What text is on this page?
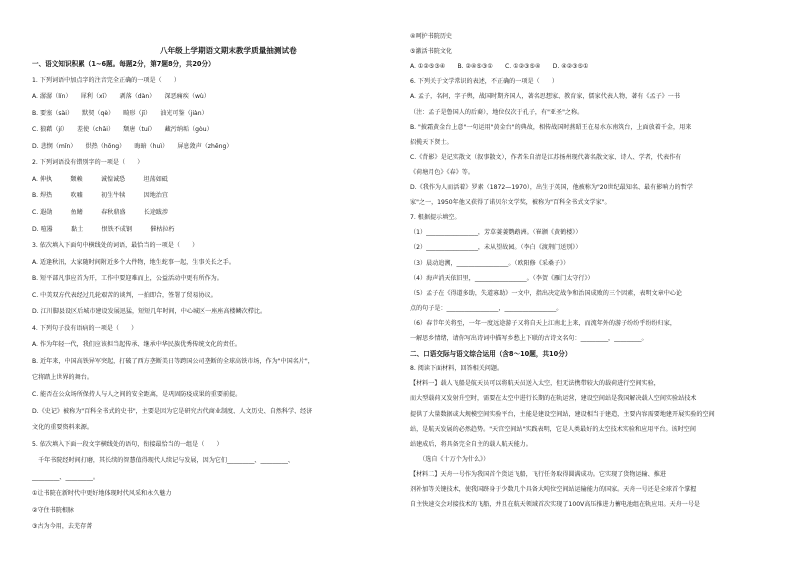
八年级上学期语文期末教学质量抽测试卷
一、语文知识积累（1~6题。每题2分，第7题8分，共20分）
1. 下列词语中加点字的注音完全正确的一项是（　　）
A. 潺潺（lín）　　犀利（xī）　　剥落（dàn）　　深恶痛疾（wù）
B. 要塞（sài）　　默契（qè）　　畸形（jī）　　油光可鉴（jiàn）
C. 狼藉（jí）　　差使（chāi）　　颓唐（tuí）　　藏污纳垢（gòu）
D. 悲悯（mǐn）　　烘热（hōng）　　晦暗（huì）　　屏息敛声（zhēng）
2. 下列词语没有错别字的一项是（　　）
A. 伸执　　　颓赖　　　诚惶诚恐　　　坦荡如砥
B. 焊热　　　吹嘘　　　初生牛犊　　　因地治宜
C. 遐勋　　　鱼鳍　　　春秋鼎盛　　　长途跋涉
D. 喧嚣　　　黏土　　　恨铁不成钢　　　催枯拉朽
3. 依次填入下面句中横线处的词语，最恰当的一项是（　　）
A. 适逢秋汛，大家随时间附近多个大件物，地生蛇事一起，生事关长之手。
B. 短平部凡事应首为开，工作中要迎难而上，公益活动中更有所作为。
C. 中美双方代表经过几轮艰苦的谈判，一拍即合，签署了贸易协议。
D. 江川脚县设区后城市建设发展迅猛，短短几年时间，中心城区一座座高楼鳞次栉比。
4. 下列句子没有语病的一项是（　　）
A. 作为年轻一代，我们应该担当起传承、继承中华民族优秀传统文化的责任。
B. 近年来，中国高铁异军突起，打破了西方垄断美日等跨国公司垄断的全球高铁市场，作为"中国名片"，
它将踏上世界的舞台。
C. 能否在公众场所保持人与人之间的安全距离，是巩固防疫成果的重要前提。
D.《史记》被称为"百科全书式的史书"，主要是因为它是研究古代商业制度、人文历史、自然科学、经济
文化的重要资料来源。
5. 依次填入下面一段文字横线处的语句，衔接最恰当的一组是（　　）
　千年书院经时间打磨，其长续的智慧值得现代人续记与发展，因为它们_________、_________、
_________、_________。
①让书院在新时代中更好地体现时代风采和永久魅力
②守住书院根脉
③古为今用，去芜存菁
④呵护书院历史
⑤激活书院文化
A. ①②⑤③④　　B. ②④⑤③①　　C. ①②③⑤④　　D. ④②③⑤①
6. 下列关于文学常识的表述，不正确的一项是（　　）
A. 孟子，名轲，字子舆，战国时期齐国人，著名思想家、教育家，儒家代表人物，著有《孟子》一书
（注：孟子是鲁国人的后裔），地位仅次于孔子，有"亚圣"之称。
B. "披霜黄金台上意"一句运用"黄金台"的典故，相传战国时燕昭王在易水东南筑台，上面放着千金，用来
招揽天下贤士。
C.《背影》是记实散文（叙事散文），作者朱自清是江苏扬州现代著名散文家、诗人、学者，代表作有
《荷塘月色》《春》等。
D.《我作为人而活着》罗素（1872—1970），出生于英国，他被称为"20世纪最知名、最有影响力的哲学
家"之一，1950年他又获得了诺贝尔文学奖，被称为"百科全书式文学家"。
7. 根据提示填空。
（1）_________________，芳草萋萋鹦鹉洲。（崔颢《黄鹤楼》）
（2）_________________，未从望故园。（李白《渡荆门送别》）
（3）晨动追溯，_________________。（欧阳修《采桑子》）
（4）海声消天依旧里，_________________。（李贺《雁门太守行》）
（5）孟子在《得道多助，失道寡助》一文中，指出决定战争和治国成败的三个因素，表明文章中心论
点的句子是：_________________，_________________。
（6）春节年关将至，一年一度远途游子又将自天上江南北上来，而流年外的游子纷纷乎纷纷归家，
一解思乡情绪，请你写出诗词中描写乡愁上下联的古诗文名句：_________，_________。
二、口语交际与语文综合运用（含8～10题，共10分）
8. 阅读下面材料，回答相关问题。
【材料一】载人飞船是航天员可以将航天员送入太空，但无法携带较大的载荷进行空间实验，
而大型载荷又发射升空时，需要在太空中进行长期的在轨运营，建设空间站是我国解决载人空间实验站技术
提供了大量数据或大规模空间实验平台，主能是建设空间站，建设相当于建造，主要内容需要地建开展实验的空间
站，是航天发展的必然趋势。"天宫空间站"实践表明，它是人类最好的太空技术实验和应用平台。该时空间
站建成后，将具备完全自主的载人航天能力。
　　（选自《十万个为什么》）
【材料二】天舟一号作为我国首个货运飞船，飞行任务取得圆满成功。它实现了货物运输、推进
剂补加等关键技术，使我国跻身于少数几个具备大吨位空间站运输能力的国家。天舟一号还是全球首个掌握
自主快速交会对接技术的飞船，并且在航天领域首次实现了100V高压推进力蓄电池组在轨应用。天舟一号是
